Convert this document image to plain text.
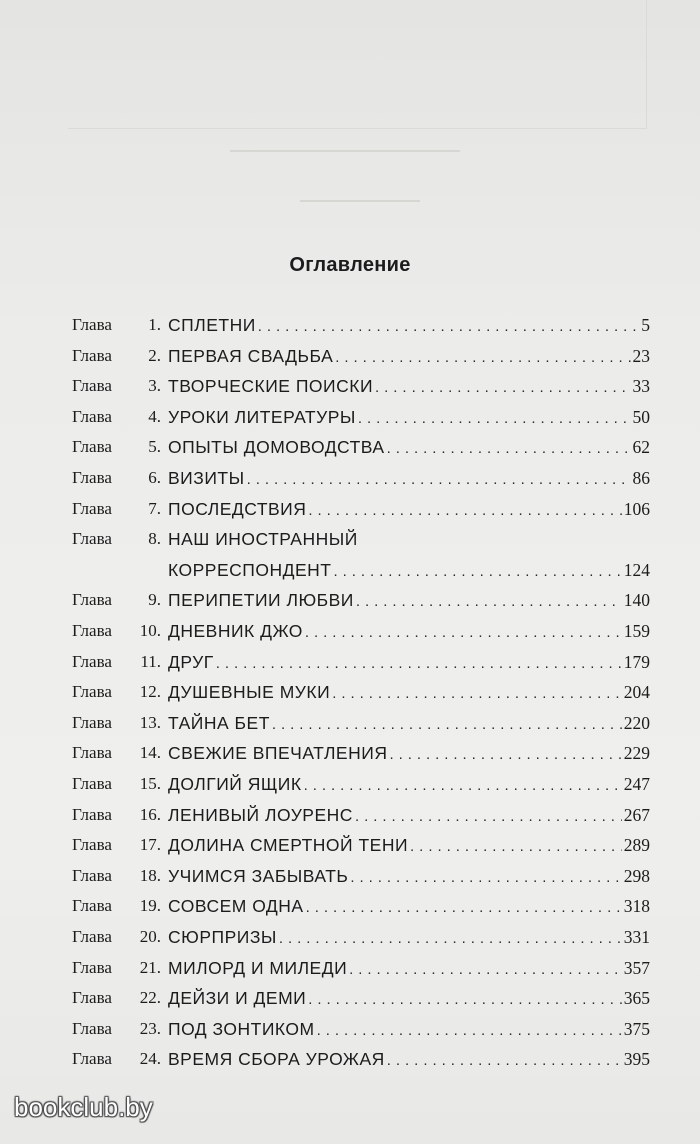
Оглавление
Глава	1. СПЛЕТНИ . . .	5
Глава	2. ПЕРВАЯ СВАДЬБА . . .	23
Глава	3. ТВОРЧЕСКИЕ ПОИСКИ . . .	33
Глава	4. УРОКИ ЛИТЕРАТУРЫ . . .	50
Глава	5. ОПЫТЫ ДОМОВОДСТВА . . .	62
Глава	6. ВИЗИТЫ . . .	86
Глава	7. ПОСЛЕДСТВИЯ . . .	106
Глава	8. НАШ ИНОСТРАННЫЙ
КОРРЕСПОНДЕНТ . . .	124
Глава	9. ПЕРИПЕТИИ ЛЮБВИ . . .	140
Глава	10. ДНЕВНИК ДЖО . . .	159
Глава	11. ДРУГ . . .	179
Глава	12. ДУШЕВНЫЕ МУКИ . . .	204
Глава	13. ТАЙНА БЕТ . . .	220
Глава	14. СВЕЖИЕ ВПЕЧАТЛЕНИЯ . . .	229
Глава	15. ДОЛГИЙ ЯЩИК . . .	247
Глава	16. ЛЕНИВЫЙ ЛОУРЕНС . . .	267
Глава	17. ДОЛИНА СМЕРТНОЙ ТЕНИ . . .	289
Глава	18. УЧИМСЯ ЗАБЫВАТЬ . . .	298
Глава	19. СОВСЕМ ОДНА . . .	318
Глава	20. СЮРПРИЗЫ . . .	331
Глава	21. МИЛОРД И МИЛЕДИ . . .	357
Глава	22. ДЕЙЗИ И ДЕМИ . . .	365
Глава	23. ПОД ЗОНТИКОМ . . .	375
Глава	24. ВРЕМЯ СБОРА УРОЖАЯ . . .	395
bookclub.by
